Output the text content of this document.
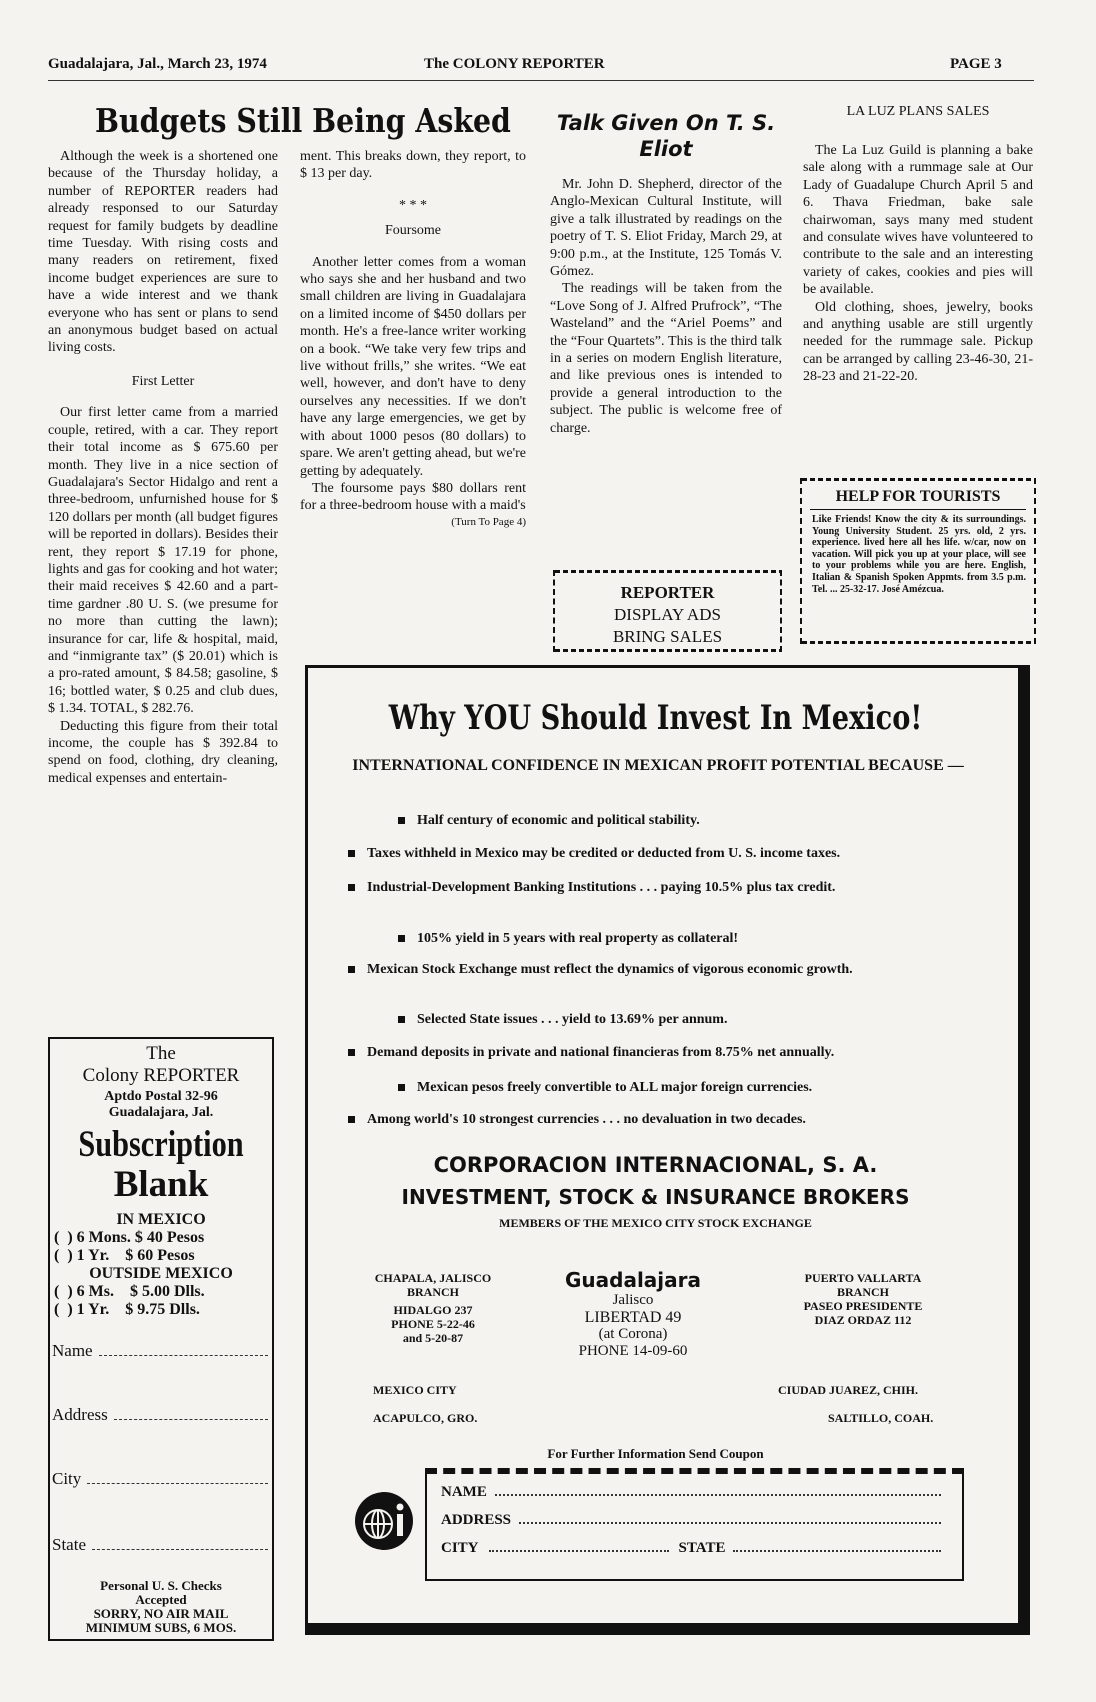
Guadalajara, Jal., March 23, 1974	The COLONY REPORTER	PAGE 3
Budgets Still Being Asked

Although the week is a shortened one because of the Thursday holiday, a number of REPORTER readers had already responsed to our Saturday request for family budgets by deadline time Tuesday. With rising costs and many readers on retirement, fixed income budget experiences are sure to have a wide interest and we thank everyone who has sent or plans to send an anonymous budget based on actual living costs.

First Letter

Our first letter came from a married couple, retired, with a car. They report their total income as $ 675.60 per month. They live in a nice section of Guadalajara's Sector Hidalgo and rent a three-bedroom, unfurnished house for $ 120 dollars per month (all budget figures will be reported in dollars). Besides their rent, they report $ 17.19 for phone, lights and gas for cooking and hot water; their maid receives $ 42.60 and a part-time gardner .80 U. S. (we presume for no more than cutting the lawn); insurance for car, life & hospital, maid, and “inmigrante tax” ($ 20.01) which is a pro-rated amount, $ 84.58; gasoline, $ 16; bottled water, $ 0.25 and club dues, $ 1.34. TOTAL, $ 282.76.

Deducting this figure from their total income, the couple has $ 392.84 to spend on food, clothing, dry cleaning, medical expenses and entertain-

ment. This breaks down, they report, to $ 13 per day.

* * *
Foursome

Another letter comes from a woman who says she and her husband and two small children are living in Guadalajara on a limited income of $450 dollars per month. He's a free-lance writer working on a book. “We take very few trips and live without frills,” she writes. “We eat well, however, and don't have to deny ourselves any necessities. If we don't have any large emergencies, we get by with about 1000 pesos (80 dollars) to spare. We aren't getting ahead, but we're getting by adequately.

The foursome pays $80 dollars rent for a three-bedroom house with a maid's

(Turn To Page 4)
Talk Given On T. S. Eliot

Mr. John D. Shepherd, director of the Anglo-Mexican Cultural Institute, will give a talk illustrated by readings on the poetry of T. S. Eliot Friday, March 29, at 9:00 p.m., at the Institute, 125 Tomás V. Gómez.

The readings will be taken from the “Love Song of J. Alfred Prufrock”, “The Wasteland” and the “Ariel Poems” and the “Four Quartets”. This is the third talk in a series on modern English literature, and like previous ones is intended to provide a general introduction to the subject. The public is welcome free of charge.

REPORTER
DISPLAY ADS
BRING SALES
LA LUZ PLANS SALES

The La Luz Guild is planning a bake sale along with a rummage sale at Our Lady of Guadalupe Church April 5 and 6. Thava Friedman, bake sale chairwoman, says many med student and consulate wives have volunteered to contribute to the sale and an interesting variety of cakes, cookies and pies will be available.

Old clothing, shoes, jewelry, books and anything usable are still urgently needed for the rummage sale. Pickup can be arranged by calling 23-46-30, 21-28-23 and 21-22-20.

HELP FOR TOURISTS
Like Friends! Know the city & its surroundings. Young University Student. 25 yrs. old, 2 yrs. experience. lived here all hes life. w/car, now on vacation. Will pick you up at your place, will see to your problems while you are here. English, Italian & Spanish Spoken Appmts. from 3.5 p.m. Tel. ... 25-32-17. José Amézcua.
The
Colony REPORTER
Aptdo Postal 32-96
Guadalajara, Jal.
Subscription
Blank
IN MEXICO
(  ) 6 Mons. $ 40 Pesos
(  ) 1 Yr.    $ 60 Pesos
OUTSIDE MEXICO
(  ) 6 Ms.    $ 5.00 Dlls.
(  ) 1 Yr.    $ 9.75 Dlls.
Name
Address
City
State
Personal U. S. Checks
Accepted
SORRY, NO AIR MAIL
MINIMUM SUBS, 6 MOS.
Why YOU Should Invest In Mexico!
INTERNATIONAL CONFIDENCE IN MEXICAN PROFIT POTENTIAL BECAUSE —
Half century of economic and political stability.
Taxes withheld in Mexico may be credited or deducted from U. S. income taxes.
Industrial-Development Banking Institutions . . . paying 10.5% plus tax credit.
105% yield in 5 years with real property as collateral!
Mexican Stock Exchange must reflect the dynamics of vigorous economic growth.
Selected State issues . . . yield to 13.69% per annum.
Demand deposits in private and national financieras from 8.75% net annually.
Mexican pesos freely convertible to ALL major foreign currencies.
Among world's 10 strongest currencies . . . no devaluation in two decades.
CORPORACION INTERNACIONAL, S. A.
INVESTMENT, STOCK & INSURANCE BROKERS
MEMBERS OF THE MEXICO CITY STOCK EXCHANGE
CHAPALA, JALISCO
BRANCH
HIDALGO 237
PHONE 5-22-46
and 5-20-87
Guadalajara
Jalisco
LIBERTAD 49
(at Corona)
PHONE 14-09-60
PUERTO VALLARTA
BRANCH
PASEO PRESIDENTE
DIAZ ORDAZ 112
MEXICO CITY
ACAPULCO, GRO.
CIUDAD JUAREZ, CHIH.
SALTILLO, COAH.
For Further Information Send Coupon
NAME
ADDRESS
CITY	STATE
